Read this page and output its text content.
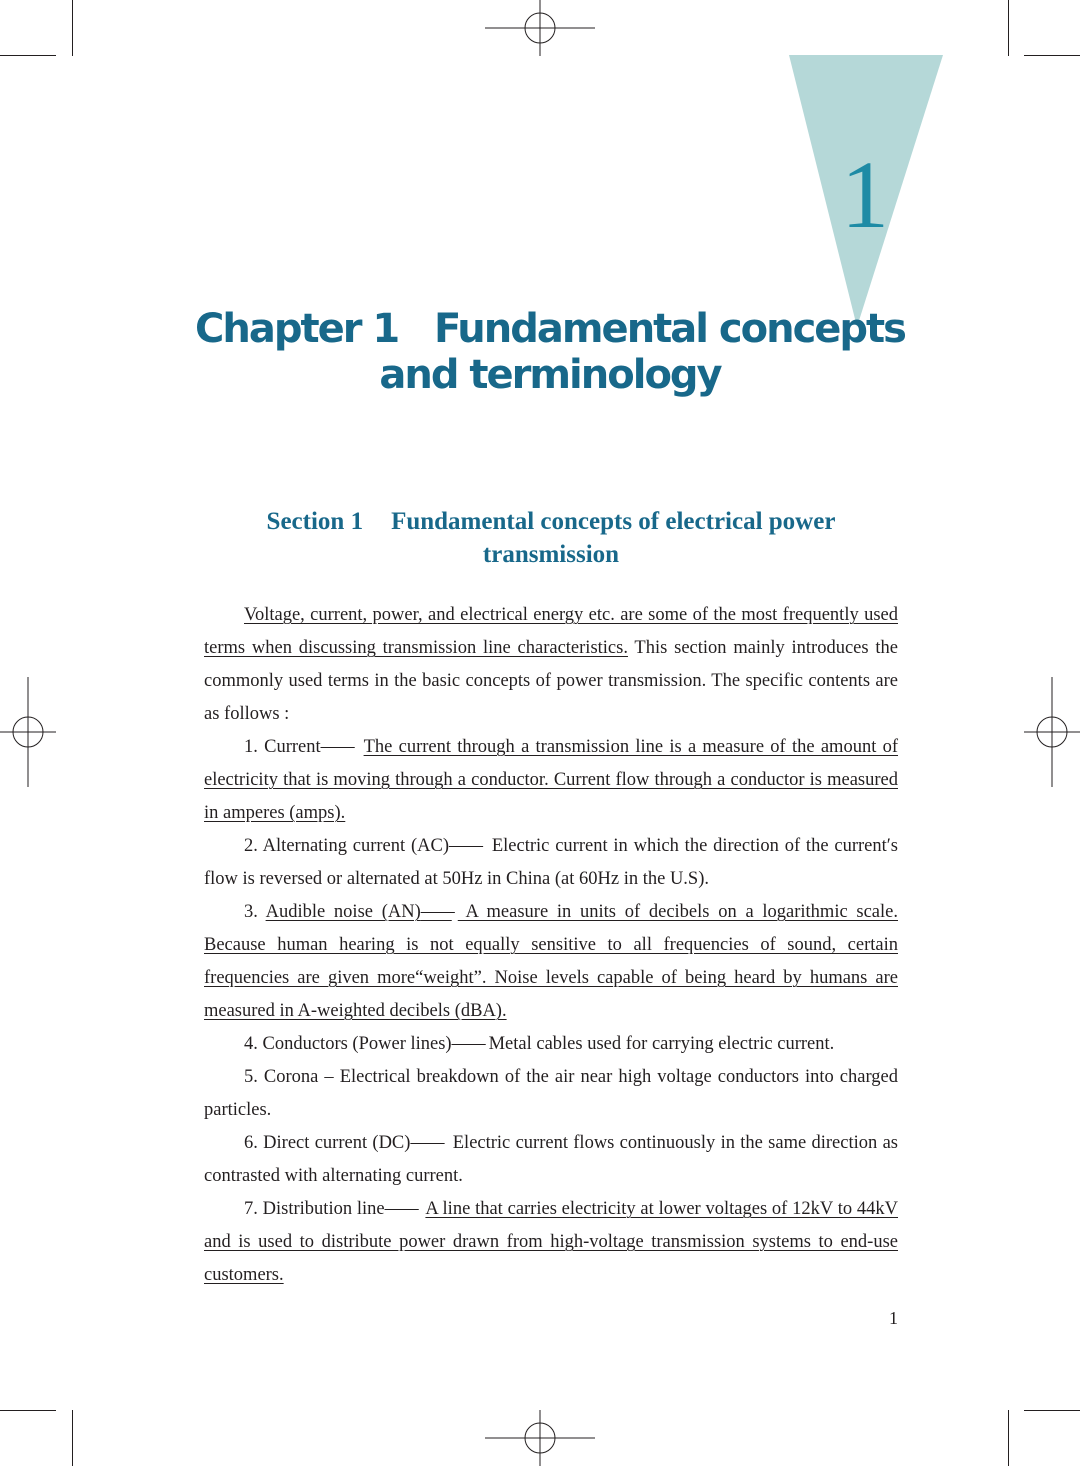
1
Chapter 1   Fundamental concepts
and terminology
Section 1 Fundamental concepts of electrical power
transmission

Voltage, current, power, and electrical energy etc. are some of the most frequently used terms when discussing transmission line characteristics. This section mainly introduces the commonly used terms in the basic concepts of power transmission. The specific contents are as follows :

1. Current—— The current through a transmission line is a measure of the amount of electricity that is moving through a conductor. Current flow through a conductor is measured in amperes (amps).

2. Alternating current (AC)—— Electric current in which the direction of the current′s flow is reversed or alternated at 50Hz in China (at 60Hz in the U.S).

3. Audible noise (AN)—— A measure in units of decibels on a logarithmic scale. Because human hearing is not equally sensitive to all frequencies of sound, certain frequencies are given more“weight”. Noise levels capable of being heard by humans are measured in A-weighted decibels (dBA).

4. Conductors (Power lines)—— Metal cables used for carrying electric current.

5. Corona – Electrical breakdown of the air near high voltage conductors into charged particles.

6. Direct current (DC)—— Electric current flows continuously in the same direction as contrasted with alternating current.

7. Distribution line—— A line that carries electricity at lower voltages of 12kV to 44kV and is used to distribute power drawn from high-voltage transmission systems to end-use customers.

1
